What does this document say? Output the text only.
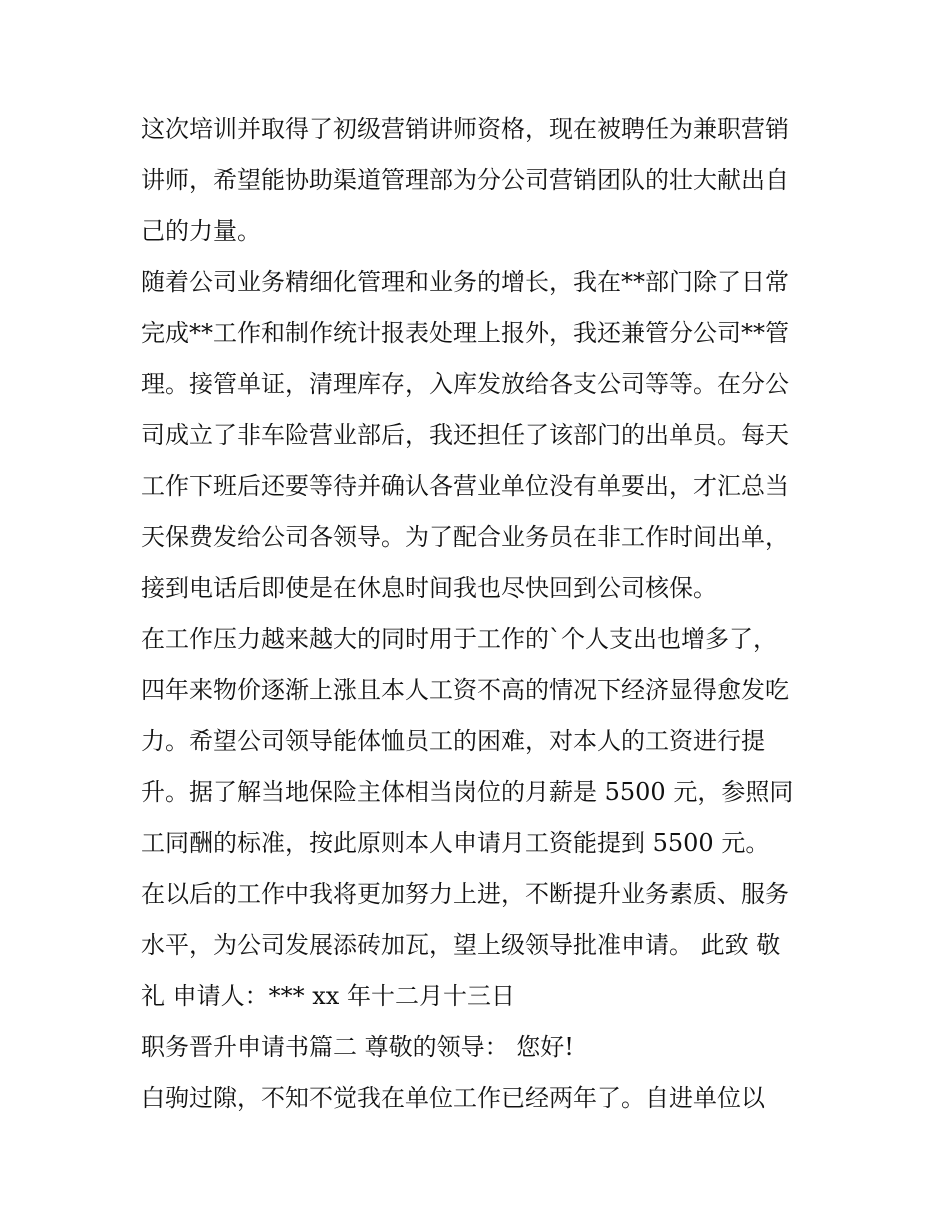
这次培训并取得了初级营销讲师资格，现在被聘任为兼职营销
讲师，希望能协助渠道管理部为分公司营销团队的壮大献出自
己的力量。
随着公司业务精细化管理和业务的增长，我在**部门除了日常
完成**工作和制作统计报表处理上报外，我还兼管分公司**管
理。接管单证，清理库存，入库发放给各支公司等等。在分公
司成立了非车险营业部后，我还担任了该部门的出单员。每天
工作下班后还要等待并确认各营业单位没有单要出，才汇总当
天保费发给公司各领导。为了配合业务员在非工作时间出单，
接到电话后即使是在休息时间我也尽快回到公司核保。
在工作压力越来越大的同时用于工作的`个人支出也增多了，
四年来物价逐渐上涨且本人工资不高的情况下经济显得愈发吃
力。希望公司领导能体恤员工的困难，对本人的工资进行提
升。据了解当地保险主体相当岗位的月薪是 5500 元，参照同
工同酬的标准，按此原则本人申请月工资能提到 5500 元。
在以后的工作中我将更加努力上进，不断提升业务素质、服务
水平，为公司发展添砖加瓦，望上级领导批准申请。 此致 敬
礼 申请人：*** xx 年十二月十三日
职务晋升申请书篇二 尊敬的领导： 您好!
白驹过隙，不知不觉我在单位工作已经两年了。自进单位以
